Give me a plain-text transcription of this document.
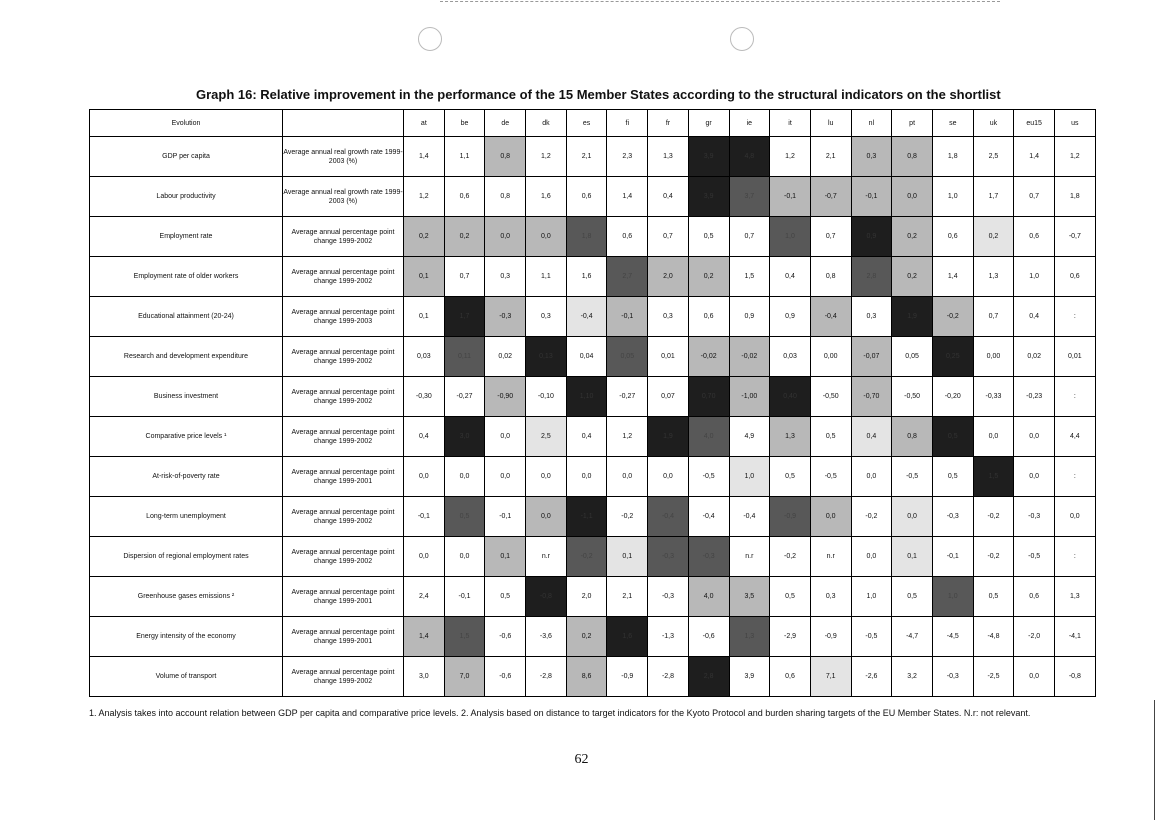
Graph 16: Relative improvement in the performance of the 15 Member States according to the structural indicators on the shortlist
Evolution		at	be	de	dk	es	fi	fr	gr	ie	it	lu	nl	pt	se	uk	eu15	us
GDP per capita	Average annual real growth rate 1999-2003 (%)	1,4	1,1	0,8	1,2	2,1	2,3	1,3	3,9	4,8	1,2	2,1	0,3	0,8	1,8	2,5	1,4	1,2
Labour productivity	Average annual real growth rate 1999-2003 (%)	1,2	0,6	0,8	1,6	0,6	1,4	0,4	3,9	3,7	-0,1	-0,7	-0,1	0,0	1,0	1,7	0,7	1,8
Employment rate	Average annual percentage point change 1999-2002	0,2	0,2	0,0	0,0	1,8	0,6	0,7	0,5	0,7	1,0	0,7	0,9	0,2	0,6	0,2	0,6	-0,7
Employment rate of older workers	Average annual percentage point change 1999-2002	0,1	0,7	0,3	1,1	1,6	2,7	2,0	0,2	1,5	0,4	0,8	2,8	0,2	1,4	1,3	1,0	0,6
Educational attainment (20-24)	Average annual percentage point change 1999-2003	0,1	1,7	-0,3	0,3	-0,4	-0,1	0,3	0,6	0,9	0,9	-0,4	0,3	1,9	-0,2	0,7	0,4	:
Research and development expenditure	Average annual percentage point change 1999-2002	0,03	0,11	0,02	0,13	0,04	0,05	0,01	-0,02	-0,02	0,03	0,00	-0,07	0,05	0,25	0,00	0,02	0,01
Business investment	Average annual percentage point change 1999-2002	-0,30	-0,27	-0,90	-0,10	1,10	-0,27	0,07	0,70	-1,00	0,40	-0,50	-0,70	-0,50	-0,20	-0,33	-0,23	:
Comparative price levels ¹	Average annual percentage point change 1999-2002	0,4	3,0	0,0	2,5	0,4	1,2	1,9	4,0	4,9	1,3	0,5	0,4	0,8	0,5	0,0	0,0	4,4
At-risk-of-poverty rate	Average annual percentage point change 1999-2001	0,0	0,0	0,0	0,0	0,0	0,0	0,0	-0,5	1,0	0,5	-0,5	0,0	-0,5	0,5	1,5	0,0	:
Long-term unemployment	Average annual percentage point change 1999-2002	-0,1	0,5	-0,1	0,0	-1,1	-0,2	-0,4	-0,4	-0,4	-0,9	0,0	-0,2	0,0	-0,3	-0,2	-0,3	0,0
Dispersion of regional employment rates	Average annual percentage point change 1999-2002	0,0	0,0	0,1	n.r	-0,2	0,1	-0,3	-0,3	n.r	-0,2	n.r	0,0	0,1	-0,1	-0,2	-0,5	:
Greenhouse gases emissions ²	Average annual percentage point change 1999-2001	2,4	-0,1	0,5	-0,8	2,0	2,1	-0,3	4,0	3,5	0,5	0,3	1,0	0,5	1,0	0,5	0,6	1,3
Energy intensity of the economy	Average annual percentage point change 1999-2001	1,4	1,5	-0,6	-3,6	0,2	1,6	-1,3	-0,6	1,3	-2,9	-0,9	-0,5	-4,7	-4,5	-4,8	-2,0	-4,1
Volume of transport	Average annual percentage point change 1999-2002	3,0	7,0	-0,6	-2,8	8,6	-0,9	-2,8	2,8	3,9	0,6	7,1	-2,6	3,2	-0,3	-2,5	0,0	-0,8
1. Analysis takes into account relation between GDP per capita and comparative price levels. 2. Analysis based on distance to target indicators for the Kyoto Protocol and burden sharing targets of the EU Member States. N.r: not relevant.
62
